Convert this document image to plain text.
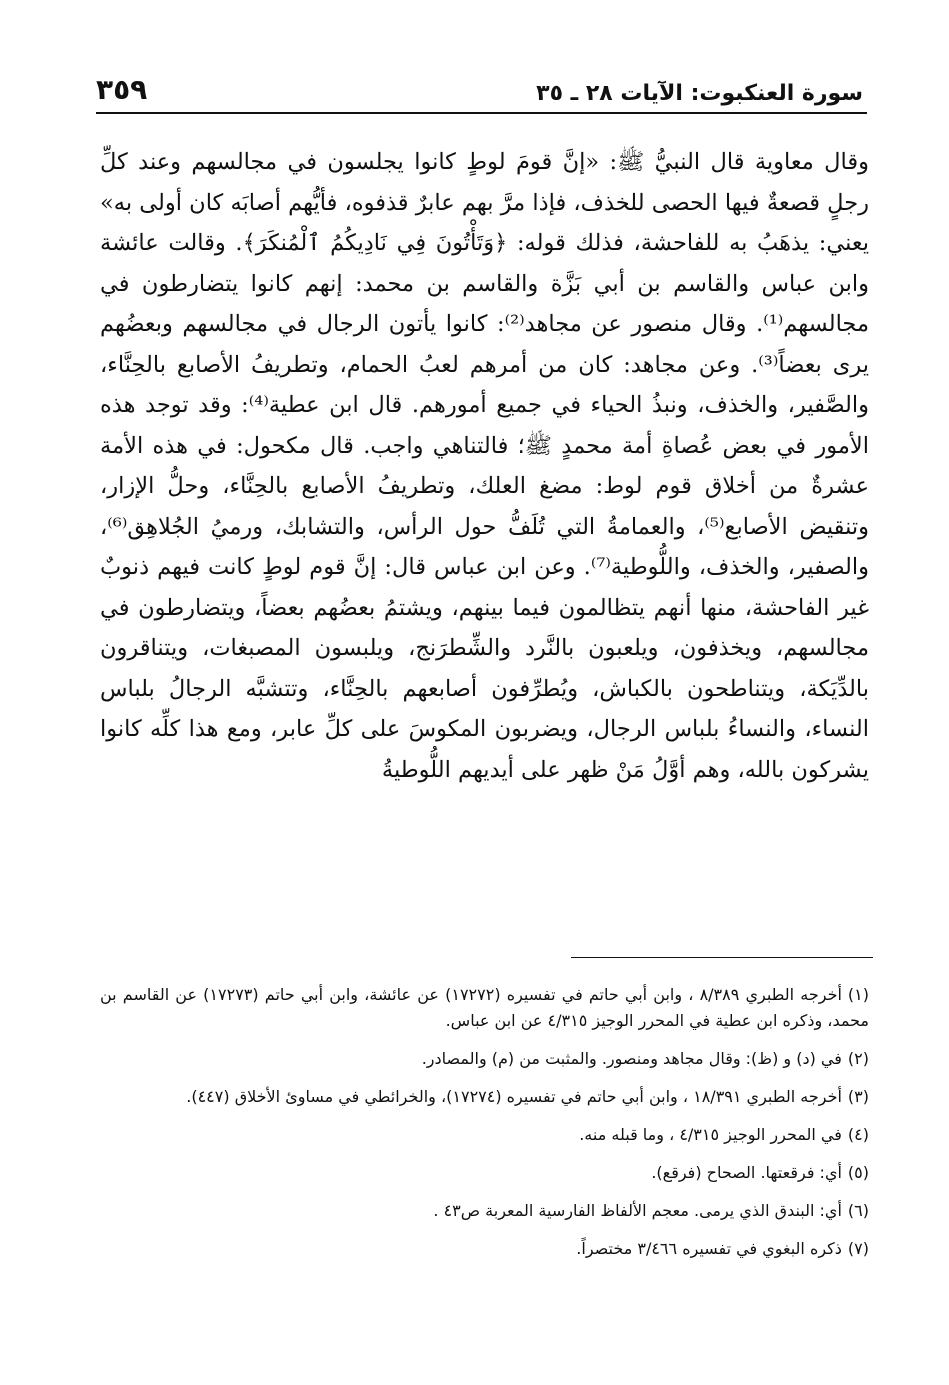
سورة العنكبوت: الآيات ٢٨ ـ ٣٥
٣٥٩

وقال معاوية قال النبيُّ ﷺ: «إنَّ قومَ لوطٍ كانوا يجلسون في مجالسهم وعند كلِّ رجلٍ قصعةٌ فيها الحصى للخذف، فإذا مرَّ بهم عابرٌ قذفوه، فأيُّهم أصابَه كان أولى به» يعني: يذهَبُ به للفاحشة، فذلك قوله: ﴿وَتَأْتُونَ فِي نَادِيكُمُ ٱلْمُنكَرَ﴾. وقالت عائشة وابن عباس والقاسم بن أبي بَزَّة والقاسم بن محمد: إنهم كانوا يتضارطون في مجالسهم⁽¹⁾. وقال منصور عن مجاهد⁽²⁾: كانوا يأتون الرجال في مجالسهم وبعضُهم يرى بعضاً⁽³⁾. وعن مجاهد: كان من أمرهم لعبُ الحمام، وتطريفُ الأصابع بالحِنَّاء، والصَّفير، والخذف، ونبذُ الحياء في جميع أمورهم. قال ابن عطية⁽⁴⁾: وقد توجد هذه الأمور في بعض عُصاةِ أمة محمدٍ ﷺ؛ فالتناهي واجب. قال مكحول: في هذه الأمة عشرةٌ من أخلاق قوم لوط: مضغ العلك، وتطريفُ الأصابع بالحِنَّاء، وحلُّ الإزار، وتنقيض الأصابع⁽⁵⁾، والعمامةُ التي تُلَفُّ حول الرأس، والتشابك، ورميُ الجُلاهِق⁽⁶⁾، والصفير، والخذف، واللُّوطية⁽⁷⁾. وعن ابن عباس قال: إنَّ قوم لوطٍ كانت فيهم ذنوبٌ غير الفاحشة، منها أنهم يتظالمون فيما بينهم، ويشتمُ بعضُهم بعضاً، ويتضارطون في مجالسهم، ويخذفون، ويلعبون بالنَّرد والشِّطرَنج، ويلبسون المصبغات، ويتناقرون بالدِّيَكة، ويتناطحون بالكباش، ويُطرِّفون أصابعهم بالحِنَّاء، وتتشبَّه الرجالُ بلباس النساء، والنساءُ بلباس الرجال، ويضربون المكوسَ على كلِّ عابر، ومع هذا كلِّه كانوا يشركون بالله، وهم أوَّلُ مَنْ ظهر على أيديهم اللُّوطيةُ

(١)أخرجه الطبري ٨/٣٨٩ ، وابن أبي حاتم في تفسيره (١٧٢٧٢) عن عائشة، وابن أبي حاتم (١٧٢٧٣) عن القاسم بن محمد، وذكره ابن عطية في المحرر الوجيز ٤/٣١٥ عن ابن عباس.
(٢)في (د) و (ظ): وقال مجاهد ومنصور. والمثبت من (م) والمصادر.
(٣)أخرجه الطبري ١٨/٣٩١ ، وابن أبي حاتم في تفسيره (١٧٢٧٤)، والخرائطي في مساوئ الأخلاق (٤٤٧).
(٤)في المحرر الوجيز ٤/٣١٥ ، وما قبله منه.
(٥)أي: فرقعتها. الصحاح (فرقع).
(٦)أي: البندق الذي يرمى. معجم الألفاظ الفارسية المعربة ص٤٣ .
(٧)ذكره البغوي في تفسيره ٣/٤٦٦ مختصراً.
